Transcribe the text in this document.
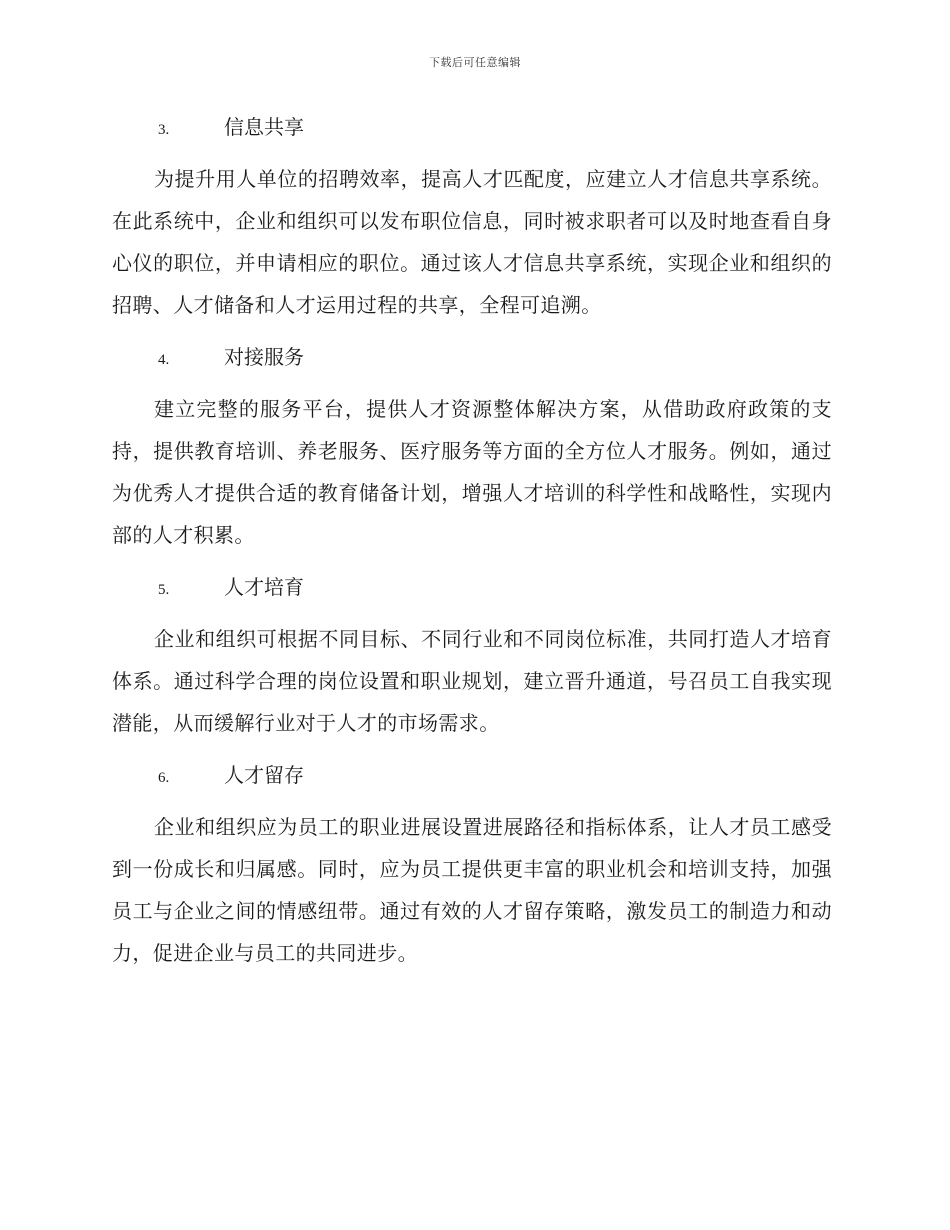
下载后可任意编辑
3.	信息共享

为提升用人单位的招聘效率，提高人才匹配度，应建立人才信息共享系统。在此系统中，企业和组织可以发布职位信息，同时被求职者可以及时地查看自身心仪的职位，并申请相应的职位。通过该人才信息共享系统，实现企业和组织的招聘、人才储备和人才运用过程的共享，全程可追溯。

4.	对接服务

建立完整的服务平台，提供人才资源整体解决方案，从借助政府政策的支持，提供教育培训、养老服务、医疗服务等方面的全方位人才服务。例如，通过为优秀人才提供合适的教育储备计划，增强人才培训的科学性和战略性，实现内部的人才积累。

5.	人才培育

企业和组织可根据不同目标、不同行业和不同岗位标准，共同打造人才培育体系。通过科学合理的岗位设置和职业规划，建立晋升通道，号召员工自我实现潜能，从而缓解行业对于人才的市场需求。

6.	人才留存

企业和组织应为员工的职业进展设置进展路径和指标体系，让人才员工感受到一份成长和归属感。同时，应为员工提供更丰富的职业机会和培训支持，加强员工与企业之间的情感纽带。通过有效的人才留存策略，激发员工的制造力和动力，促进企业与员工的共同进步。
